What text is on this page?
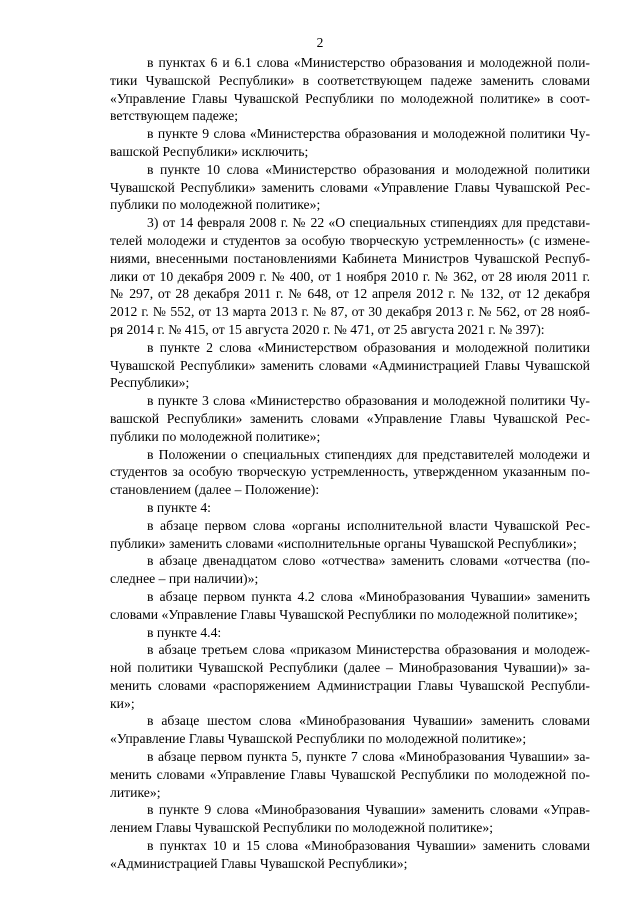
2
в пунктах 6 и 6.1 слова «Министерство образования и молодежной поли-
тики Чувашской Республики» в соответствующем падеже заменить словами
«Управление Главы Чувашской Республики по молодежной политике» в соот-
ветствующем падеже;
в пункте 9 слова «Министерства образования и молодежной политики Чу-
вашской Республики» исключить;
в пункте 10 слова «Министерство образования и молодежной политики
Чувашской Республики» заменить словами «Управление Главы Чувашской Рес-
публики по молодежной политике»;
3) от 14 февраля 2008 г. № 22 «О специальных стипендиях для представи-
телей молодежи и студентов за особую творческую устремленность» (с измене-
ниями, внесенными постановлениями Кабинета Министров Чувашской Респуб-
лики от 10 декабря 2009 г. № 400, от 1 ноября 2010 г. № 362, от 28 июля 2011 г.
№ 297, от 28 декабря 2011 г. № 648, от 12 апреля 2012 г. № 132, от 12 декабря
2012 г. № 552, от 13 марта 2013 г. № 87, от 30 декабря 2013 г. № 562, от 28 нояб-
ря 2014 г. № 415, от 15 августа 2020 г. № 471, от 25 августа 2021 г. № 397):
в пункте 2 слова «Министерством образования и молодежной политики
Чувашской Республики» заменить словами «Администрацией Главы Чувашской
Республики»;
в пункте 3 слова «Министерство образования и молодежной политики Чу-
вашской Республики» заменить словами «Управление Главы Чувашской Рес-
публики по молодежной политике»;
в Положении о специальных стипендиях для представителей молодежи и
студентов за особую творческую устремленность, утвержденном указанным по-
становлением (далее – Положение):
в пункте 4:
в абзаце первом слова «органы исполнительной власти Чувашской Рес-
публики» заменить словами «исполнительные органы Чувашской Республики»;
в абзаце двенадцатом слово «отчества» заменить словами «отчества (по-
следнее – при наличии)»;
в абзаце первом пункта 4.2 слова «Минобразования Чувашии» заменить
словами «Управление Главы Чувашской Республики по молодежной политике»;
в пункте 4.4:
в абзаце третьем слова «приказом Министерства образования и молодеж-
ной политики Чувашской Республики (далее – Минобразования Чувашии)» за-
менить словами «распоряжением Администрации Главы Чувашской Республи-
ки»;
в абзаце шестом слова «Минобразования Чувашии» заменить словами
«Управление Главы Чувашской Республики по молодежной политике»;
в абзаце первом пункта 5, пункте 7 слова «Минобразования Чувашии» за-
менить словами «Управление Главы Чувашской Республики по молодежной по-
литике»;
в пункте 9 слова «Минобразования Чувашии» заменить словами «Управ-
лением Главы Чувашской Республики по молодежной политике»;
в пунктах 10 и 15 слова «Минобразования Чувашии» заменить словами
«Администрацией Главы Чувашской Республики»;
